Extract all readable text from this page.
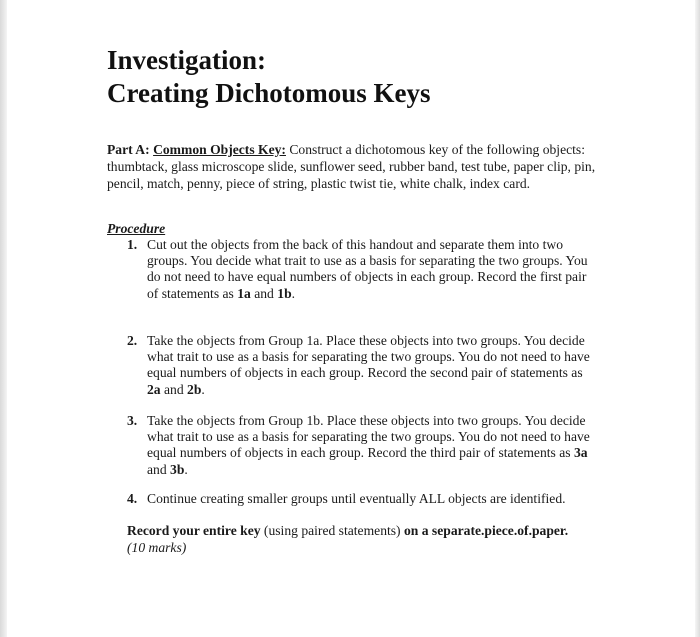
Investigation:
Creating Dichotomous Keys
Part A: Common Objects Key: Construct a dichotomous key of the following objects: thumbtack, glass microscope slide, sunflower seed, rubber band, test tube, paper clip, pin, pencil, match, penny, piece of string, plastic twist tie, white chalk, index card.
Procedure
1. Cut out the objects from the back of this handout and separate them into two groups. You decide what trait to use as a basis for separating the two groups. You do not need to have equal numbers of objects in each group. Record the first pair of statements as 1a and 1b.
2. Take the objects from Group 1a. Place these objects into two groups. You decide what trait to use as a basis for separating the two groups. You do not need to have equal numbers of objects in each group. Record the second pair of statements as 2a and 2b.
3. Take the objects from Group 1b. Place these objects into two groups. You decide what trait to use as a basis for separating the two groups. You do not need to have equal numbers of objects in each group. Record the third pair of statements as 3a and 3b.
4. Continue creating smaller groups until eventually ALL objects are identified.
Record your entire key (using paired statements) on a separate.piece.of.paper.
(10 marks)
